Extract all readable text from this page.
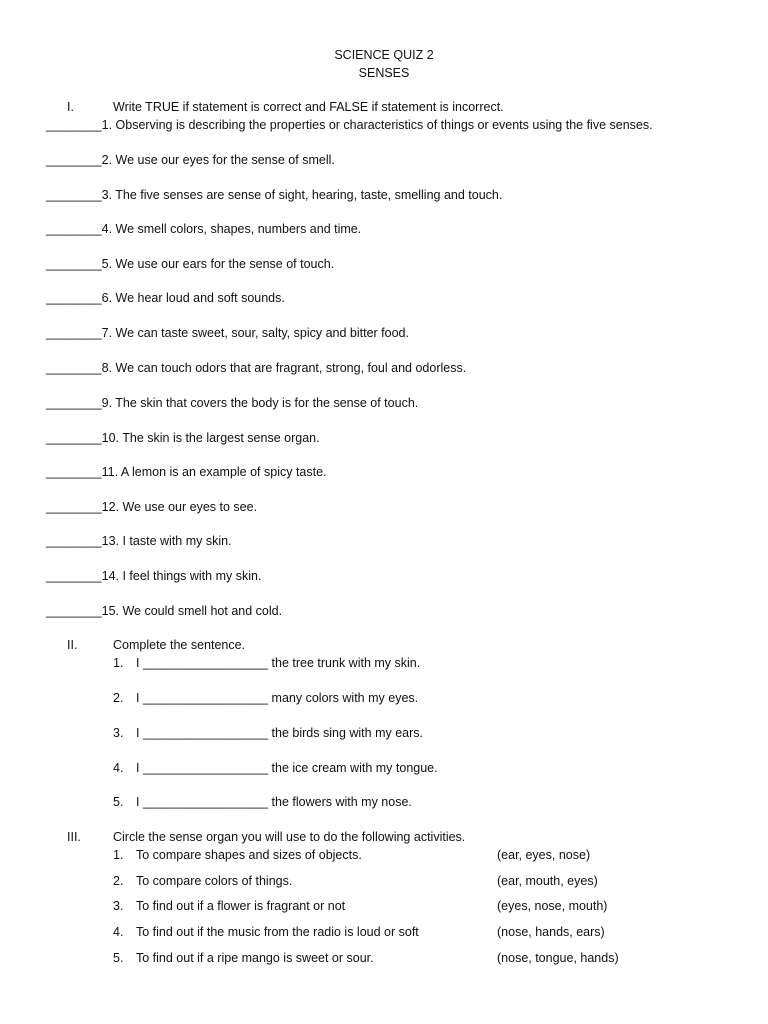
SCIENCE QUIZ 2
SENSES
I.	Write TRUE if statement is correct and FALSE if statement is incorrect.
________1. Observing is describing the properties or characteristics of things or events using the five senses.
________2. We use our eyes for the sense of smell.
________3. The five senses are sense of sight, hearing, taste, smelling and touch.
________4. We smell colors, shapes, numbers and time.
________5. We use our ears for the sense of touch.
________6. We hear loud and soft sounds.
________7. We can taste sweet, sour, salty, spicy and bitter food.
________8. We can touch odors that are fragrant, strong, foul and odorless.
________9. The skin that covers the body is for the sense of touch.
________10. The skin is the largest sense organ.
________11. A lemon is an example of spicy taste.
________12. We use our eyes to see.
________13. I taste with my skin.
________14. I feel things with my skin.
________15. We could smell hot and cold.
II.	Complete the sentence.
1. I __________________ the tree trunk with my skin.
2. I __________________ many colors with my eyes.
3. I __________________ the birds sing with my ears.
4. I __________________ the ice cream with my tongue.
5. I __________________ the flowers with my nose.
III.	Circle the sense organ you will use to do the following activities.
1. To compare shapes and sizes of objects.	(ear, eyes, nose)
2. To compare colors of things.	(ear, mouth, eyes)
3. To find out if a flower is fragrant or not	(eyes, nose, mouth)
4. To find out if the music from the radio is loud or soft	(nose, hands, ears)
5. To find out if a ripe mango is sweet or sour.	(nose, tongue, hands)
